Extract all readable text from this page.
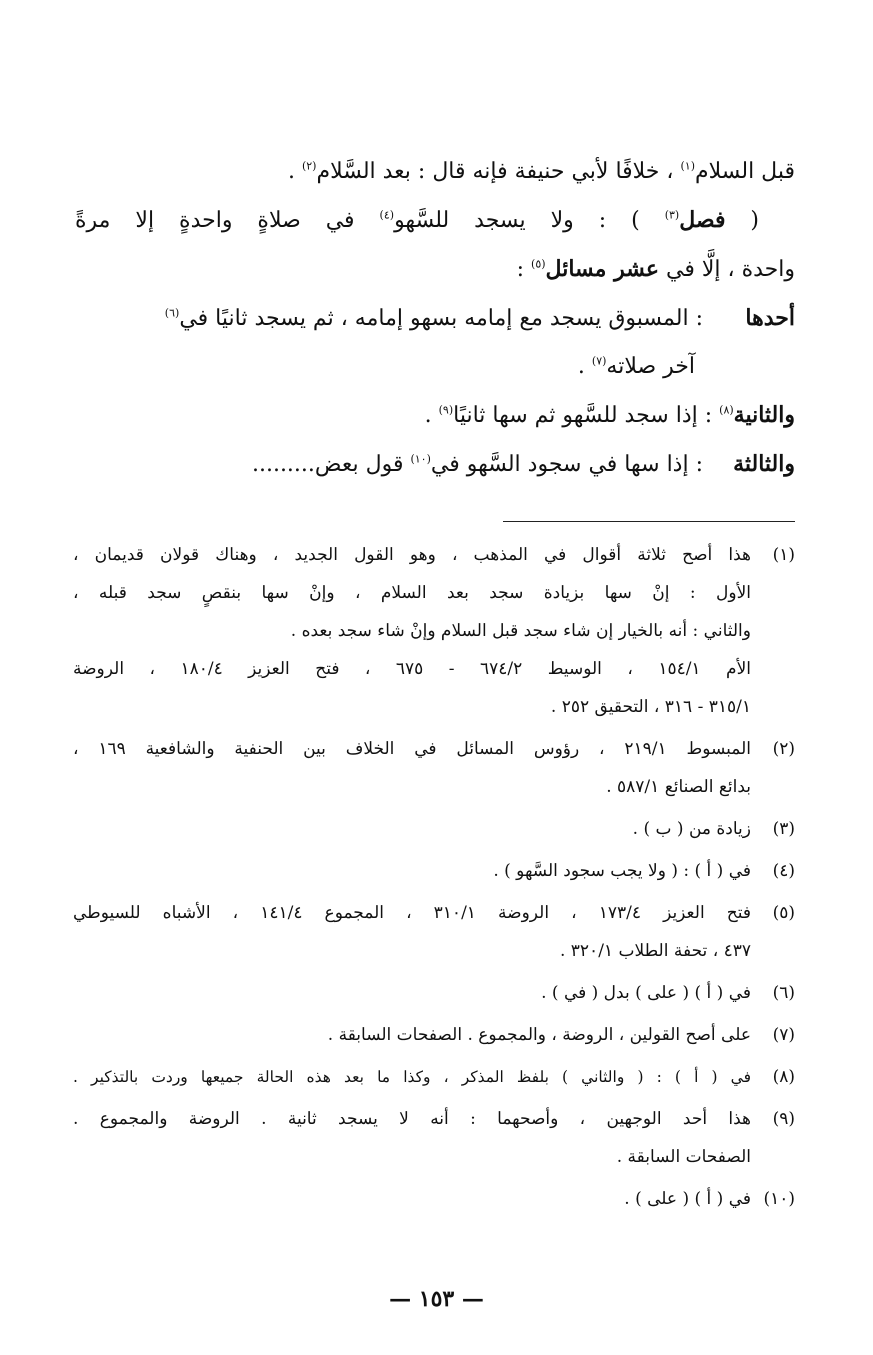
قبل السلام$^{(١)}$ ، خلافًا لأبي حنيفة فإنه قال : بعد السَّلام$^{(٢)}$ .
( فصل$^{(٣)}$ ) : ولا يسجد للسَّهو$^{(٤)}$ في صلاةٍ واحدةٍ إلا مرةً
واحدة ، إلَّا في عشر مسائل$^{(٥)}$ :
أحدها: المسبوق يسجد مع إمامه بسهو إمامه ، ثم يسجد ثانيًا في$^{(٦)}$
آخر صلاته$^{(٧)}$ .
والثانية$^{(٨)}$ : إذا سجد للسَّهو ثم سها ثانيًا$^{(٩)}$ .
والثالثة: إذا سها في سجود السَّهو في$^{(١٠)}$ قول بعض.........
(١)
هذا أصح ثلاثة أقوال في المذهب ، وهو القول الجديد ، وهناك قولان قديمان ،
الأول : إنْ سها بزيادة سجد بعد السلام ، وإنْ سها بنقصٍ سجد قبله ،
والثاني : أنه بالخيار إن شاء سجد قبل السلام وإنْ شاء سجد بعده .
الأم ١٥٤/١ ، الوسيط ٦٧٤/٢ - ٦٧٥ ، فتح العزيز ١٨٠/٤ ، الروضة
٣١٥/١ - ٣١٦ ، التحقيق ٢٥٢ .
(٢)
المبسوط ٢١٩/١ ، رؤوس المسائل في الخلاف بين الحنفية والشافعية ١٦٩ ،
بدائع الصنائع ٥٨٧/١ .
(٣)
زيادة من ( ب ) .
(٤)
في ( أ ) : ( ولا يجب سجود السَّهو ) .
(٥)
فتح العزيز ١٧٣/٤ ، الروضة ٣١٠/١ ، المجموع ١٤١/٤ ، الأشباه للسيوطي
٤٣٧ ، تحفة الطلاب ٣٢٠/١ .
(٦)
في ( أ ) ( على ) بدل ( في ) .
(٧)
على أصح القولين ، الروضة ، والمجموع . الصفحات السابقة .
(٨)
في ( أ ) : ( والثاني ) بلفظ المذكر ، وكذا ما بعد هذه الحالة جميعها وردت بالتذكير .
(٩)
هذا أحد الوجهين ، وأصحهما : أنه لا يسجد ثانية . الروضة والمجموع .
الصفحات السابقة .
(١٠)
في ( أ ) ( على ) .
— ١٥٣ —
